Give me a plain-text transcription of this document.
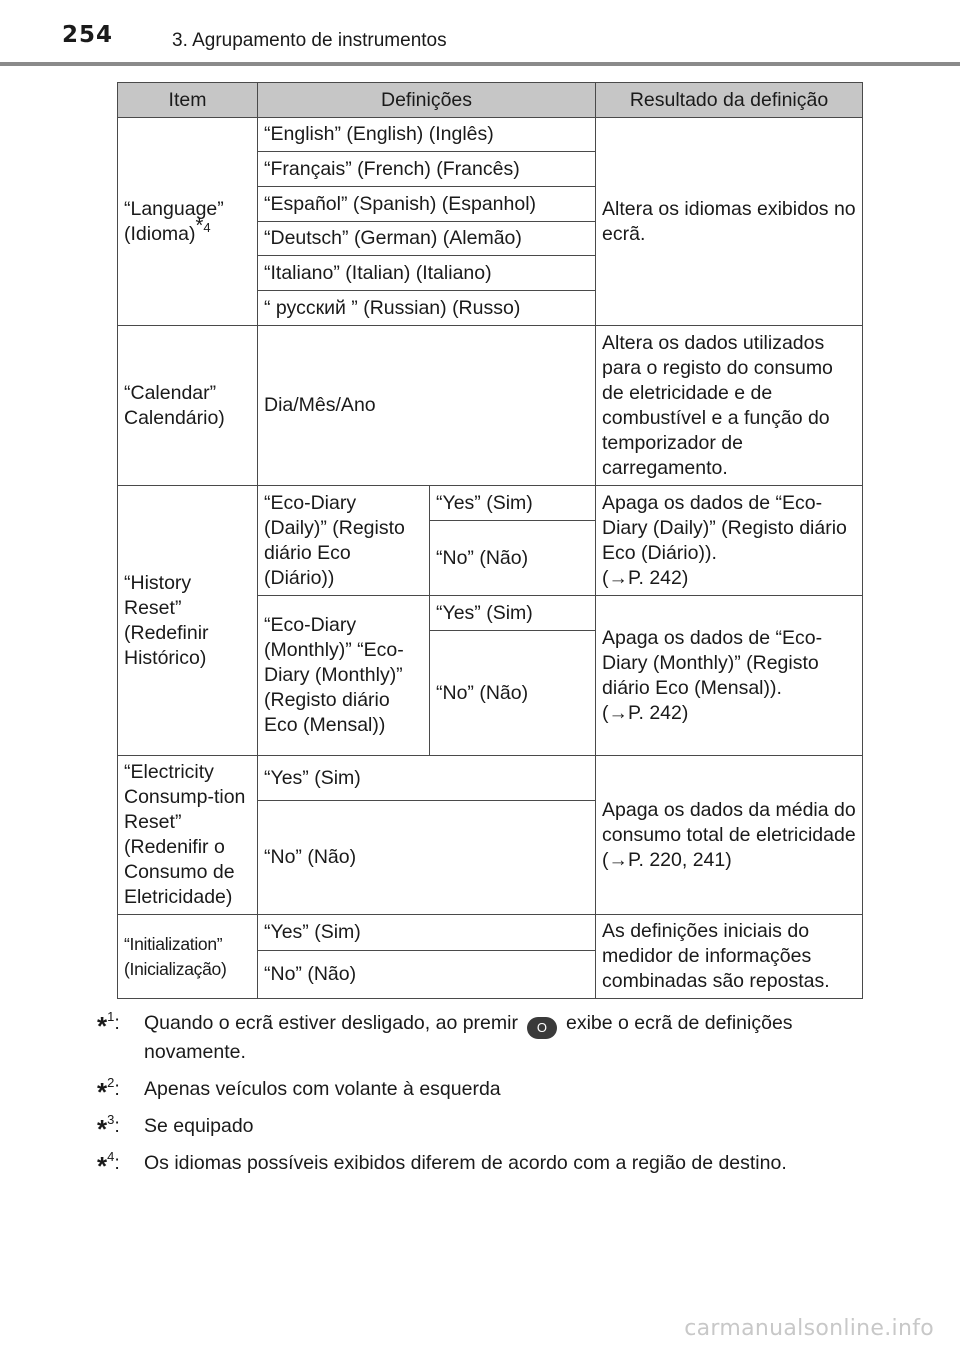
254	3. Agrupamento de instrumentos
Item	Definições		Resultado da definição
“Language”
(Idioma)$^{*4}$	“English” (English) (Inglês)		Altera os idiomas exibidos no ecrã.
	“Français” (French) (Francês)		
	“Español” (Spanish) (Espanhol)		
	“Deutsch” (German) (Alemão)		
	“Italiano” (Italian) (Italiano)		
	“ русский ” (Russian) (Russo)		
“Calendar” Calendário)	Dia/Mês/Ano		Altera os dados utilizados para o registo do consumo de eletricidade e de combustível e a função do temporizador de carregamento.
“History Reset” (Redefinir Histórico)	“Eco-Diary (Daily)” (Registo diário Eco (Diário))	“Yes” (Sim)	Apaga os dados de “Eco-Diary (Daily)” (Registo diário Eco (Diário)).
(→P. 242)
		“No” (Não)	
	“Eco-Diary (Monthly)” “Eco-Diary (Monthly)” (Registo diário Eco (Mensal))	“Yes” (Sim)	Apaga os dados de “Eco-Diary (Monthly)” (Registo diário Eco (Mensal)).
(→P. 242)
		“No” (Não)	
“Electricity Consump-tion Reset” (Redenifir o Consumo de Eletricidade)	“Yes” (Sim)		Apaga os dados da média do consumo total de eletricidade
(→P. 220, 241)
	“No” (Não)		
“Initialization” (Inicialização)	“Yes” (Sim)		As definições iniciais do medidor de informações combinadas são repostas.
	“No” (Não)		
*$^1$: Quando o ecrã estiver desligado, ao premir O exibe o ecrã de definições novamente.
*$^2$: Apenas veículos com volante à esquerda
*$^3$: Se equipado
*$^4$: Os idiomas possíveis exibidos diferem de acordo com a região de destino.
carmanualsonline.info
